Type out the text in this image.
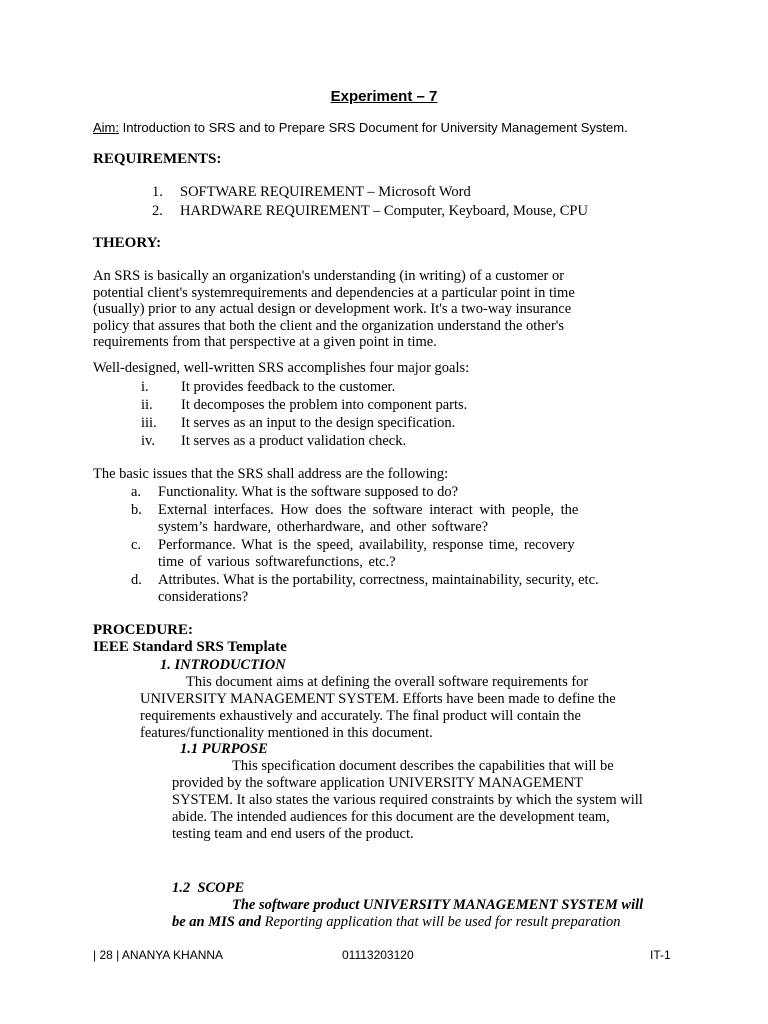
Experiment – 7
Aim: Introduction to SRS and to Prepare SRS Document for University Management System.
REQUIREMENTS:
1.	SOFTWARE REQUIREMENT – Microsoft Word
2.	HARDWARE REQUIREMENT – Computer, Keyboard, Mouse, CPU
THEORY:
An SRS is basically an organization's understanding (in writing) of a customer or
potential client's systemrequirements and dependencies at a particular point in time
(usually) prior to any actual design or development work. It's a two-way insurance
policy that assures that both the client and the organization understand the other's
requirements from that perspective at a given point in time.
Well-designed, well-written SRS accomplishes four major goals:
i.	It provides feedback to the customer.
ii.	It decomposes the problem into component parts.
iii.	It serves as an input to the design specification.
iv.	It serves as a product validation check.
The basic issues that the SRS shall address are the following:
a.	Functionality. What is the software supposed to do?
b.	External interfaces. How does the software interact with people, the
system’s hardware, otherhardware, and other software?
c.	Performance. What is the speed, availability, response time, recovery
time of various softwarefunctions, etc.?
d.	Attributes. What is the portability, correctness, maintainability, security, etc.
considerations?
PROCEDURE:
IEEE Standard SRS Template
1. INTRODUCTION
This document aims at defining the overall software requirements for
UNIVERSITY MANAGEMENT SYSTEM. Efforts have been made to define the
requirements exhaustively and accurately. The final product will contain the
features/functionality mentioned in this document.
1.1 PURPOSE
This specification document describes the capabilities that will be
provided by the software application UNIVERSITY MANAGEMENT
SYSTEM. It also states the various required constraints by which the system will
abide. The intended audiences for this document are the development team,
testing team and end users of the product.
1.2  SCOPE
The software product UNIVERSITY MANAGEMENT SYSTEM will
be an MIS and Reporting application that will be used for result preparation
| 28 | ANANYA KHANNA	01113203120	IT-1
